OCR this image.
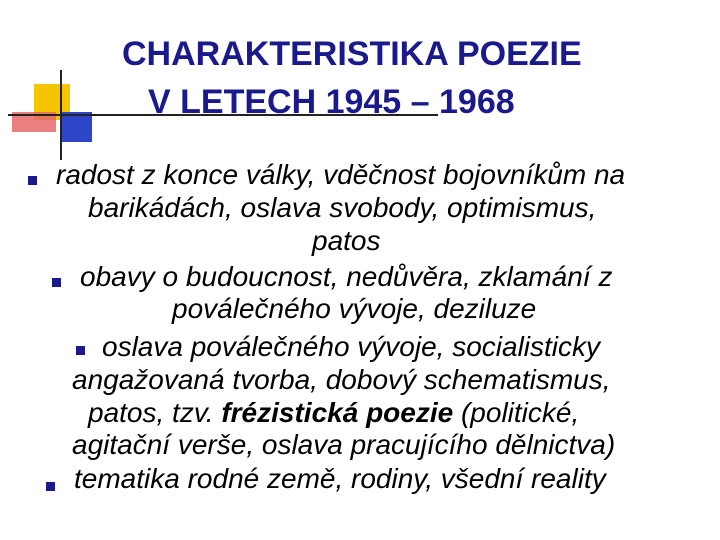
CHARAKTERISTIKA POEZIE
V LETECH 1945 – 1968
radost z konce války, vděčnost bojovníkům na
barikádách, oslava svobody, optimismus,
patos
obavy o budoucnost, nedůvěra, zklamání z
poválečného vývoje, deziluze
oslava poválečného vývoje, socialisticky
angažovaná tvorba, dobový schematismus,
patos, tzv. frézistická poezie (politické,
agitační verše, oslava pracujícího dělnictva)
tematika rodné země, rodiny, všední reality
